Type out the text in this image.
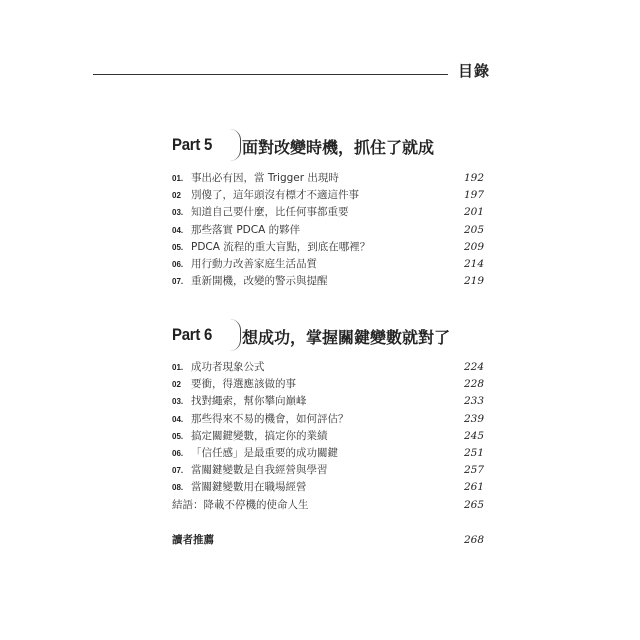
目錄
Part 5 面對改變時機，抓住了就成
01. 事出必有因，當 Trigger 出現時	192
02 別傻了，這年頭沒有標才不適這件事	197
03. 知道自己要什麼，比任何事都重要	201
04. 那些落實 PDCA 的夥伴	205
05. PDCA 流程的重大盲點，到底在哪裡？	209
06. 用行動力改善家庭生活品質	214
07. 重新開機，改變的警示與提醒	219
Part 6 想成功，掌握關鍵變數就對了
01. 成功者現象公式	224
02 要衝，得選應該做的事	228
03. 找對繩索，幫你攀向巔峰	233
04. 那些得來不易的機會，如何評估？	239
05. 搞定關鍵變數，搞定你的業績	245
06. 「信任感」是最重要的成功關鍵	251
07. 當關鍵變數是自我經營與學習	257
08. 當關鍵變數用在職場經營	261
結語：降載不停機的使命人生	265
讀者推薦	268
